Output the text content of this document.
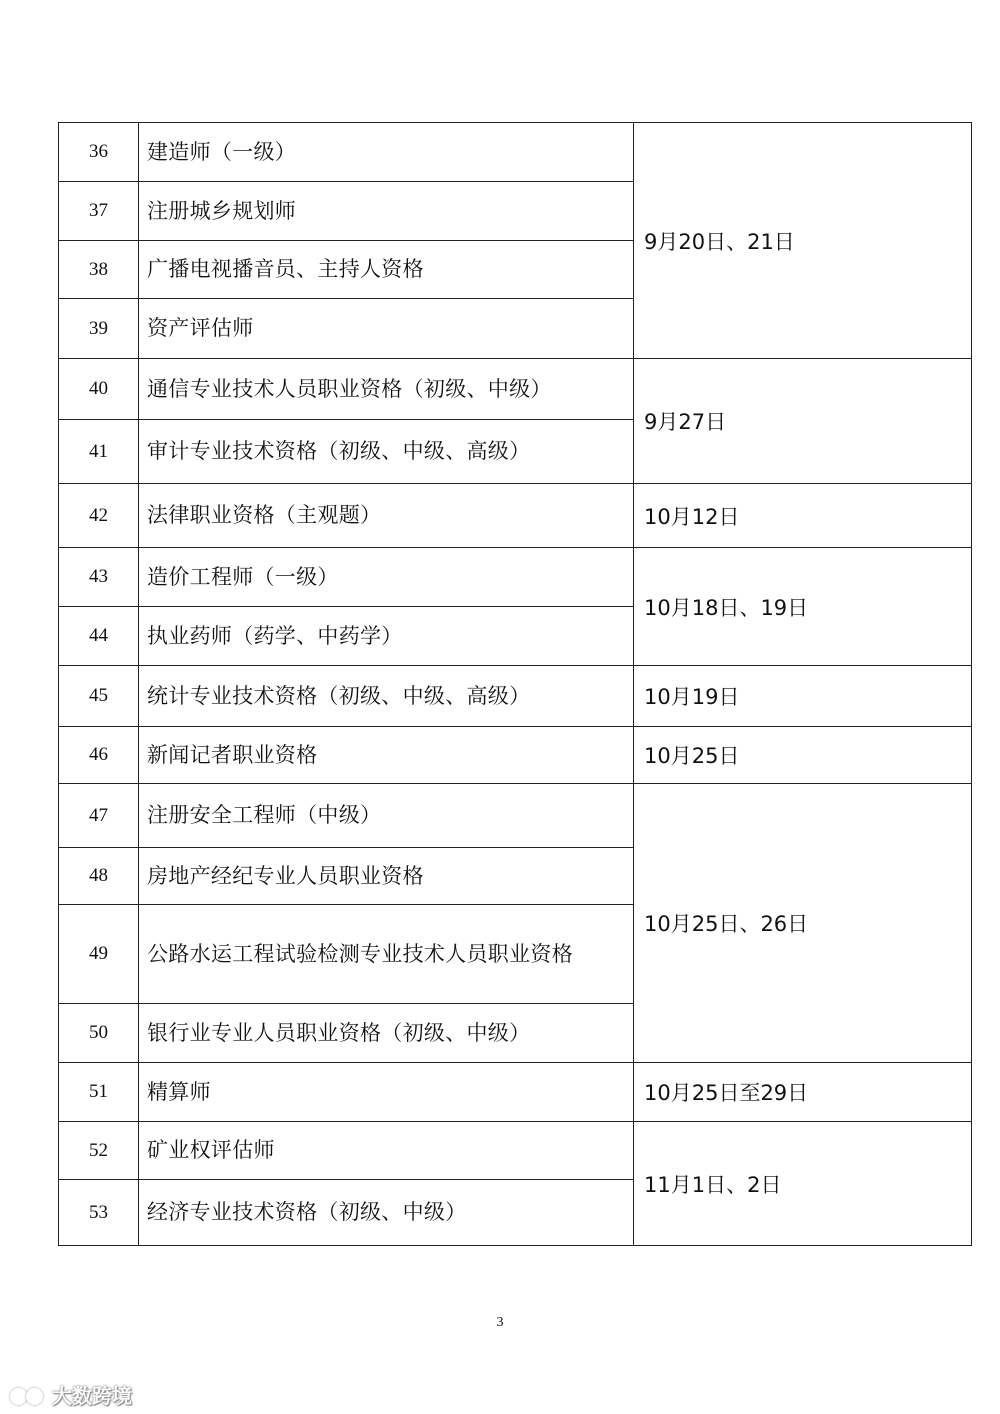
36	建造师（一级）	9月20日、21日
37	注册城乡规划师	
38	广播电视播音员、主持人资格	
39	资产评估师	
40	通信专业技术人员职业资格（初级、中级）	9月27日
41	审计专业技术资格（初级、中级、高级）	
42	法律职业资格（主观题）	10月12日
43	造价工程师（一级）	10月18日、19日
44	执业药师（药学、中药学）	
45	统计专业技术资格（初级、中级、高级）	10月19日
46	新闻记者职业资格	10月25日
47	注册安全工程师（中级）	10月25日、26日
48	房地产经纪专业人员职业资格	
49	公路水运工程试验检测专业技术人员职业资格	
50	银行业专业人员职业资格（初级、中级）	
51	精算师	10月25日至29日
52	矿业权评估师	11月1日、2日
53	经济专业技术资格（初级、中级）	
3
大数跨境
